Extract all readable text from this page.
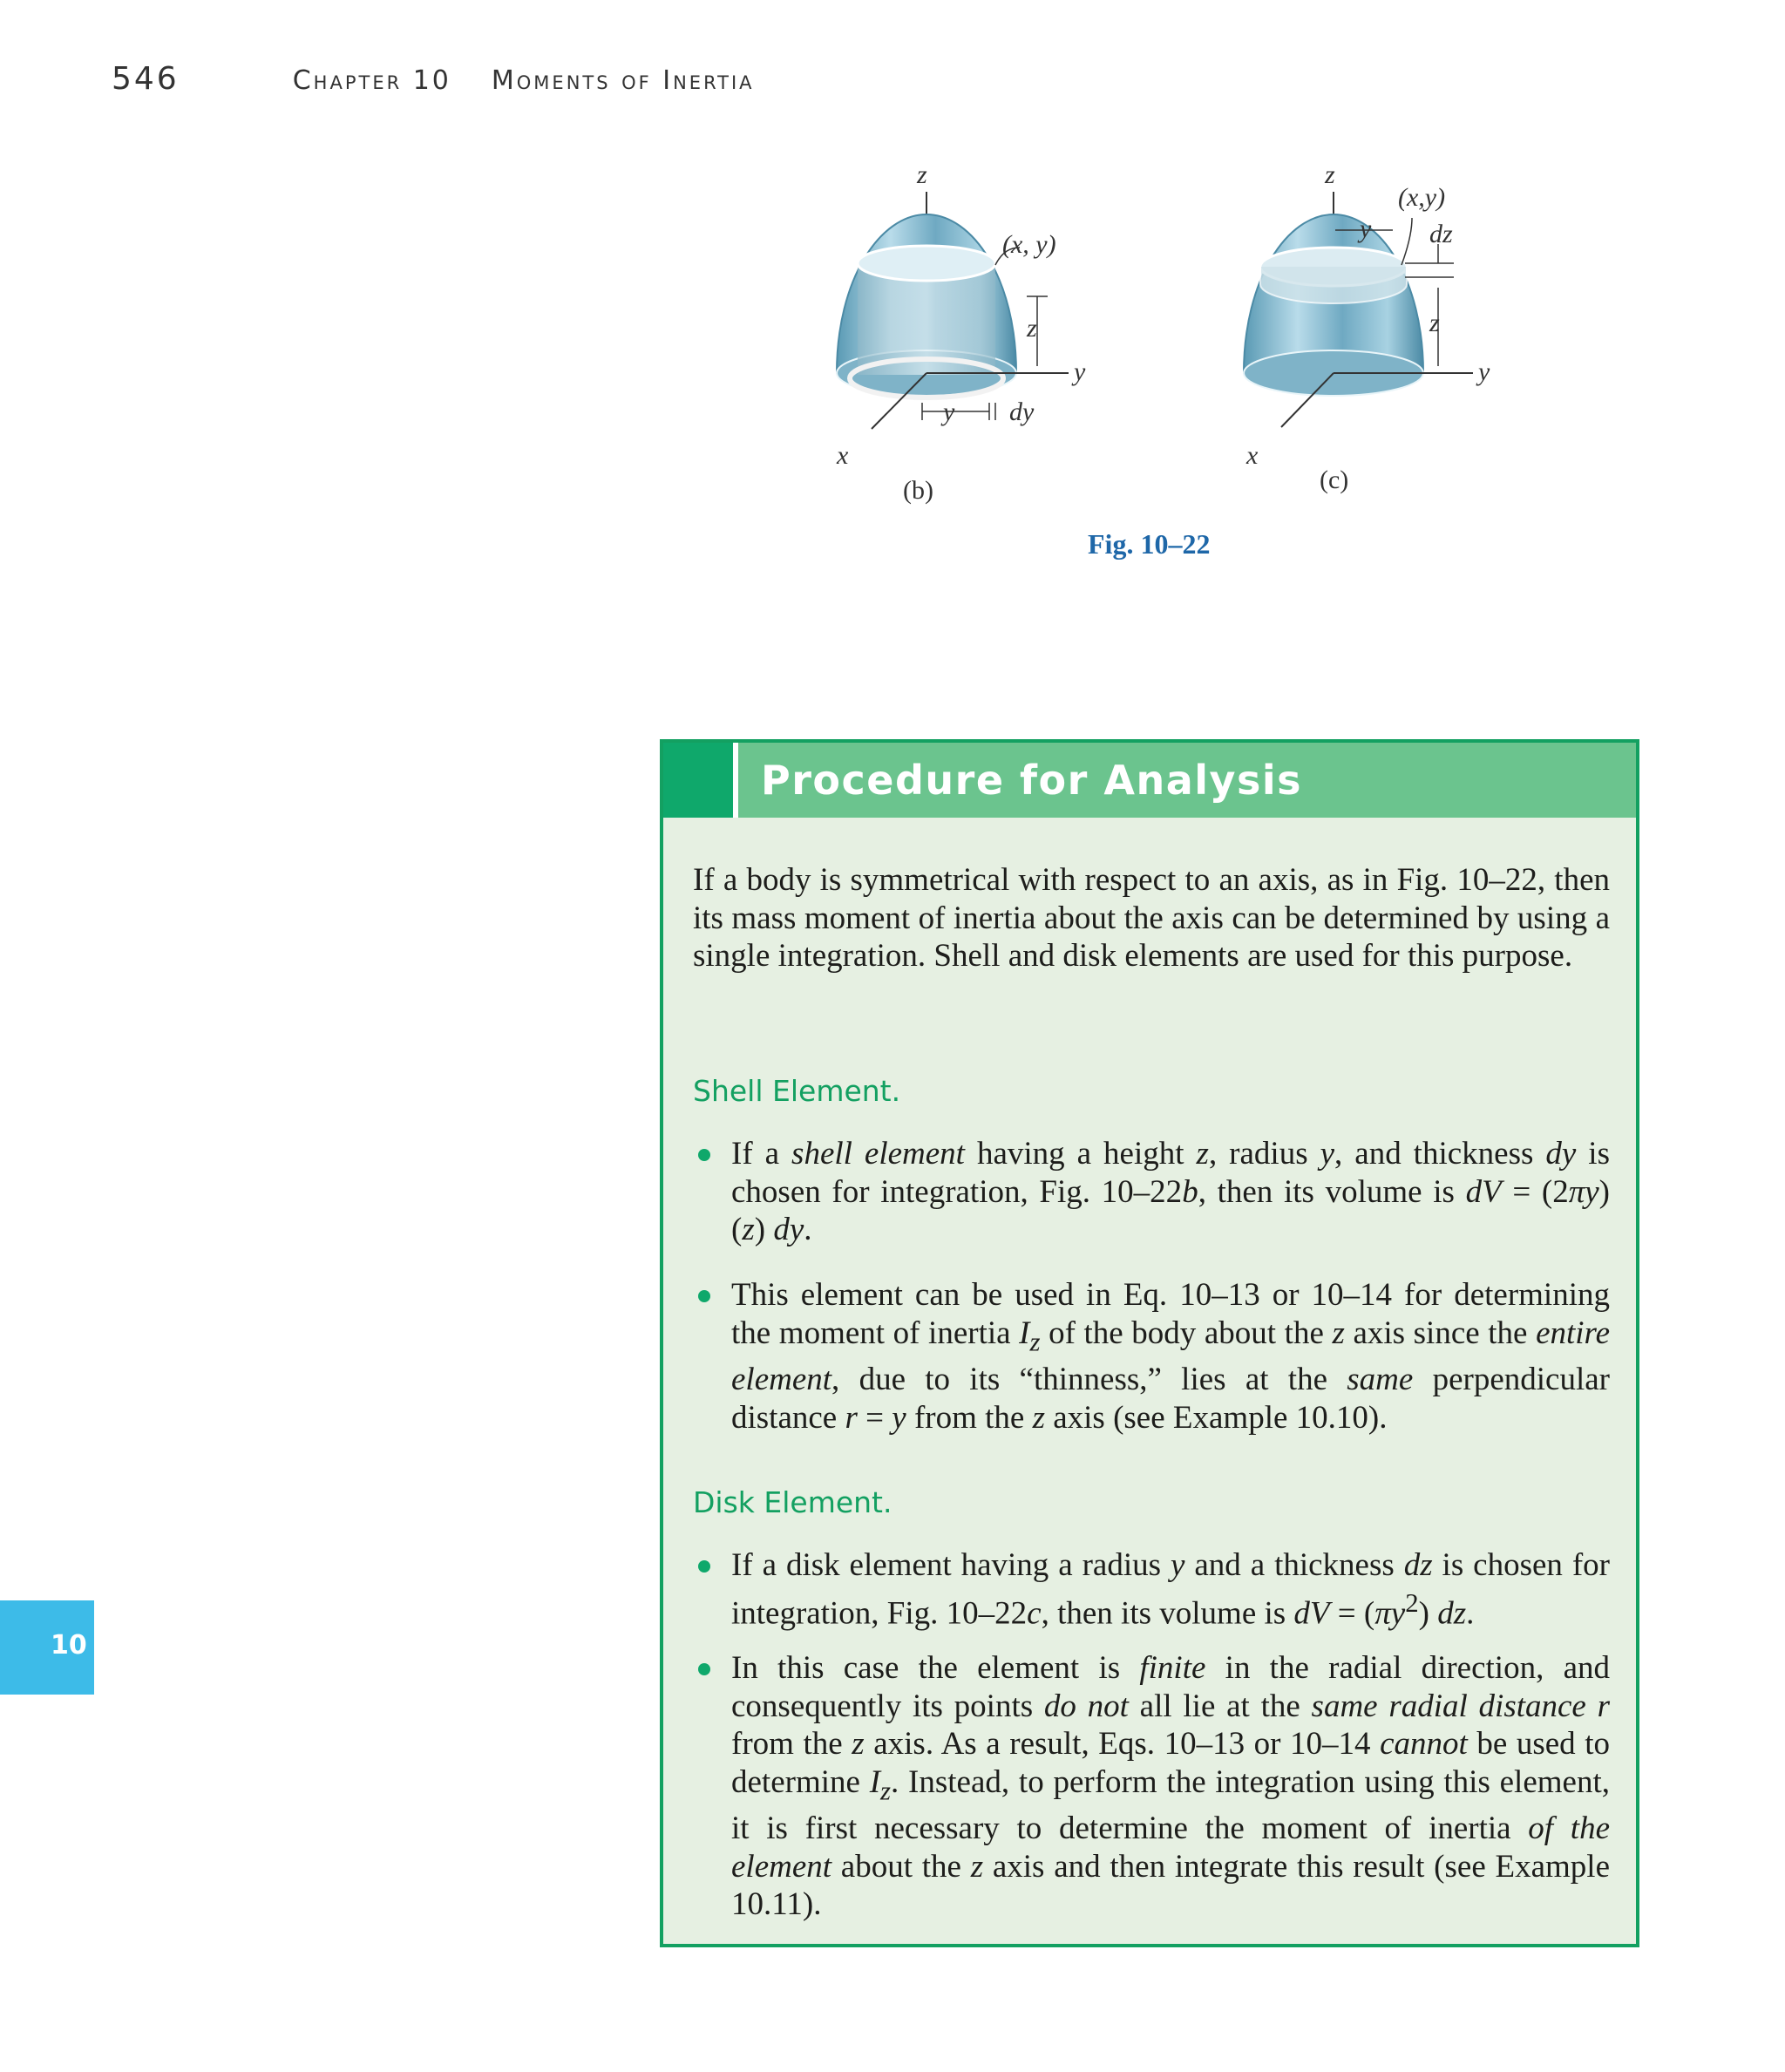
546	Chapter 10 Moments of Inertia
z
(x, y)
z
y
y dy
x
(b)
z
(x,y)
y dz
z
y
x
(c)
Fig. 10–22
Procedure for Analysis
If a body is symmetrical with respect to an axis, as in Fig. 10–22, then its mass moment of inertia about the axis can be determined by using a single integration. Shell and disk elements are used for this purpose.
Shell Element.
If a shell element having a height z, radius y, and thickness dy is chosen for integration, Fig. 10–22b, then its volume is dV = (2πy)(z) dy.
This element can be used in Eq. 10–13 or 10–14 for determining the moment of inertia $I_z$ of the body about the z axis since the entire element, due to its “thinness,” lies at the same perpendicular distance r = y from the z axis (see Example 10.10).
Disk Element.
If a disk element having a radius y and a thickness dz is chosen for integration, Fig. 10–22c, then its volume is dV = $(\pi y^2)$ dz.
In this case the element is finite in the radial direction, and consequently its points do not all lie at the same radial distance r from the z axis. As a result, Eqs. 10–13 or 10–14 cannot be used to determine $I_z$. Instead, to perform the integration using this element, it is first necessary to determine the moment of inertia of the element about the z axis and then integrate this result (see Example 10.11).
10
